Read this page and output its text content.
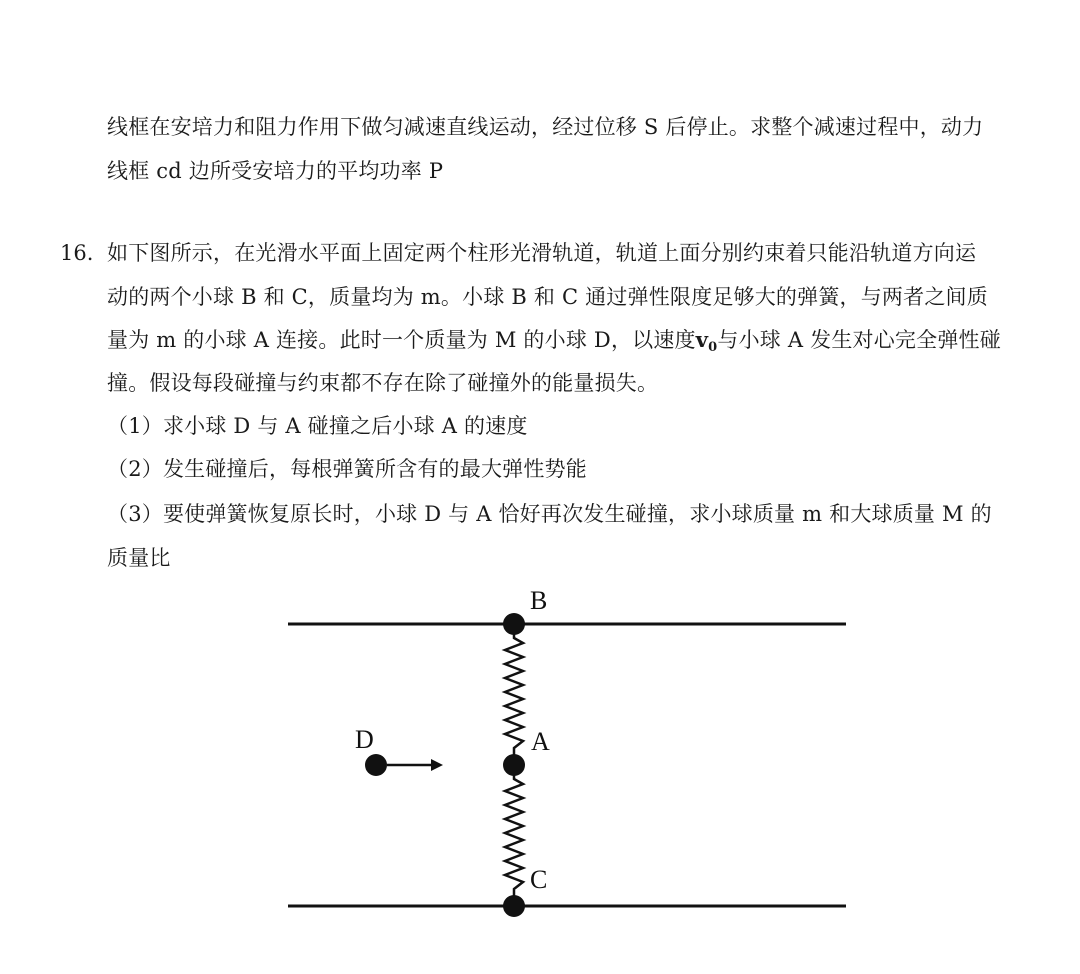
线框在安培力和阻力作用下做匀减速直线运动，经过位移 S 后停止。求整个减速过程中，动力
线框 cd 边所受安培力的平均功率 P
16. 如下图所示，在光滑水平面上固定两个柱形光滑轨道，轨道上面分别约束着只能沿轨道方向运
动的两个小球 B 和 C，质量均为 m。小球 B 和 C 通过弹性限度足够大的弹簧，与两者之间质
量为 m 的小球 A 连接。此时一个质量为 M 的小球 D，以速度$v_0$与小球 A 发生对心完全弹性碰
撞。假设每段碰撞与约束都不存在除了碰撞外的能量损失。
（1）求小球 D 与 A 碰撞之后小球 A 的速度
（2）发生碰撞后，每根弹簧所含有的最大弹性势能
（3）要使弹簧恢复原长时，小球 D 与 A 恰好再次发生碰撞，求小球质量 m 和大球质量 M 的
质量比
B
A
C
D
